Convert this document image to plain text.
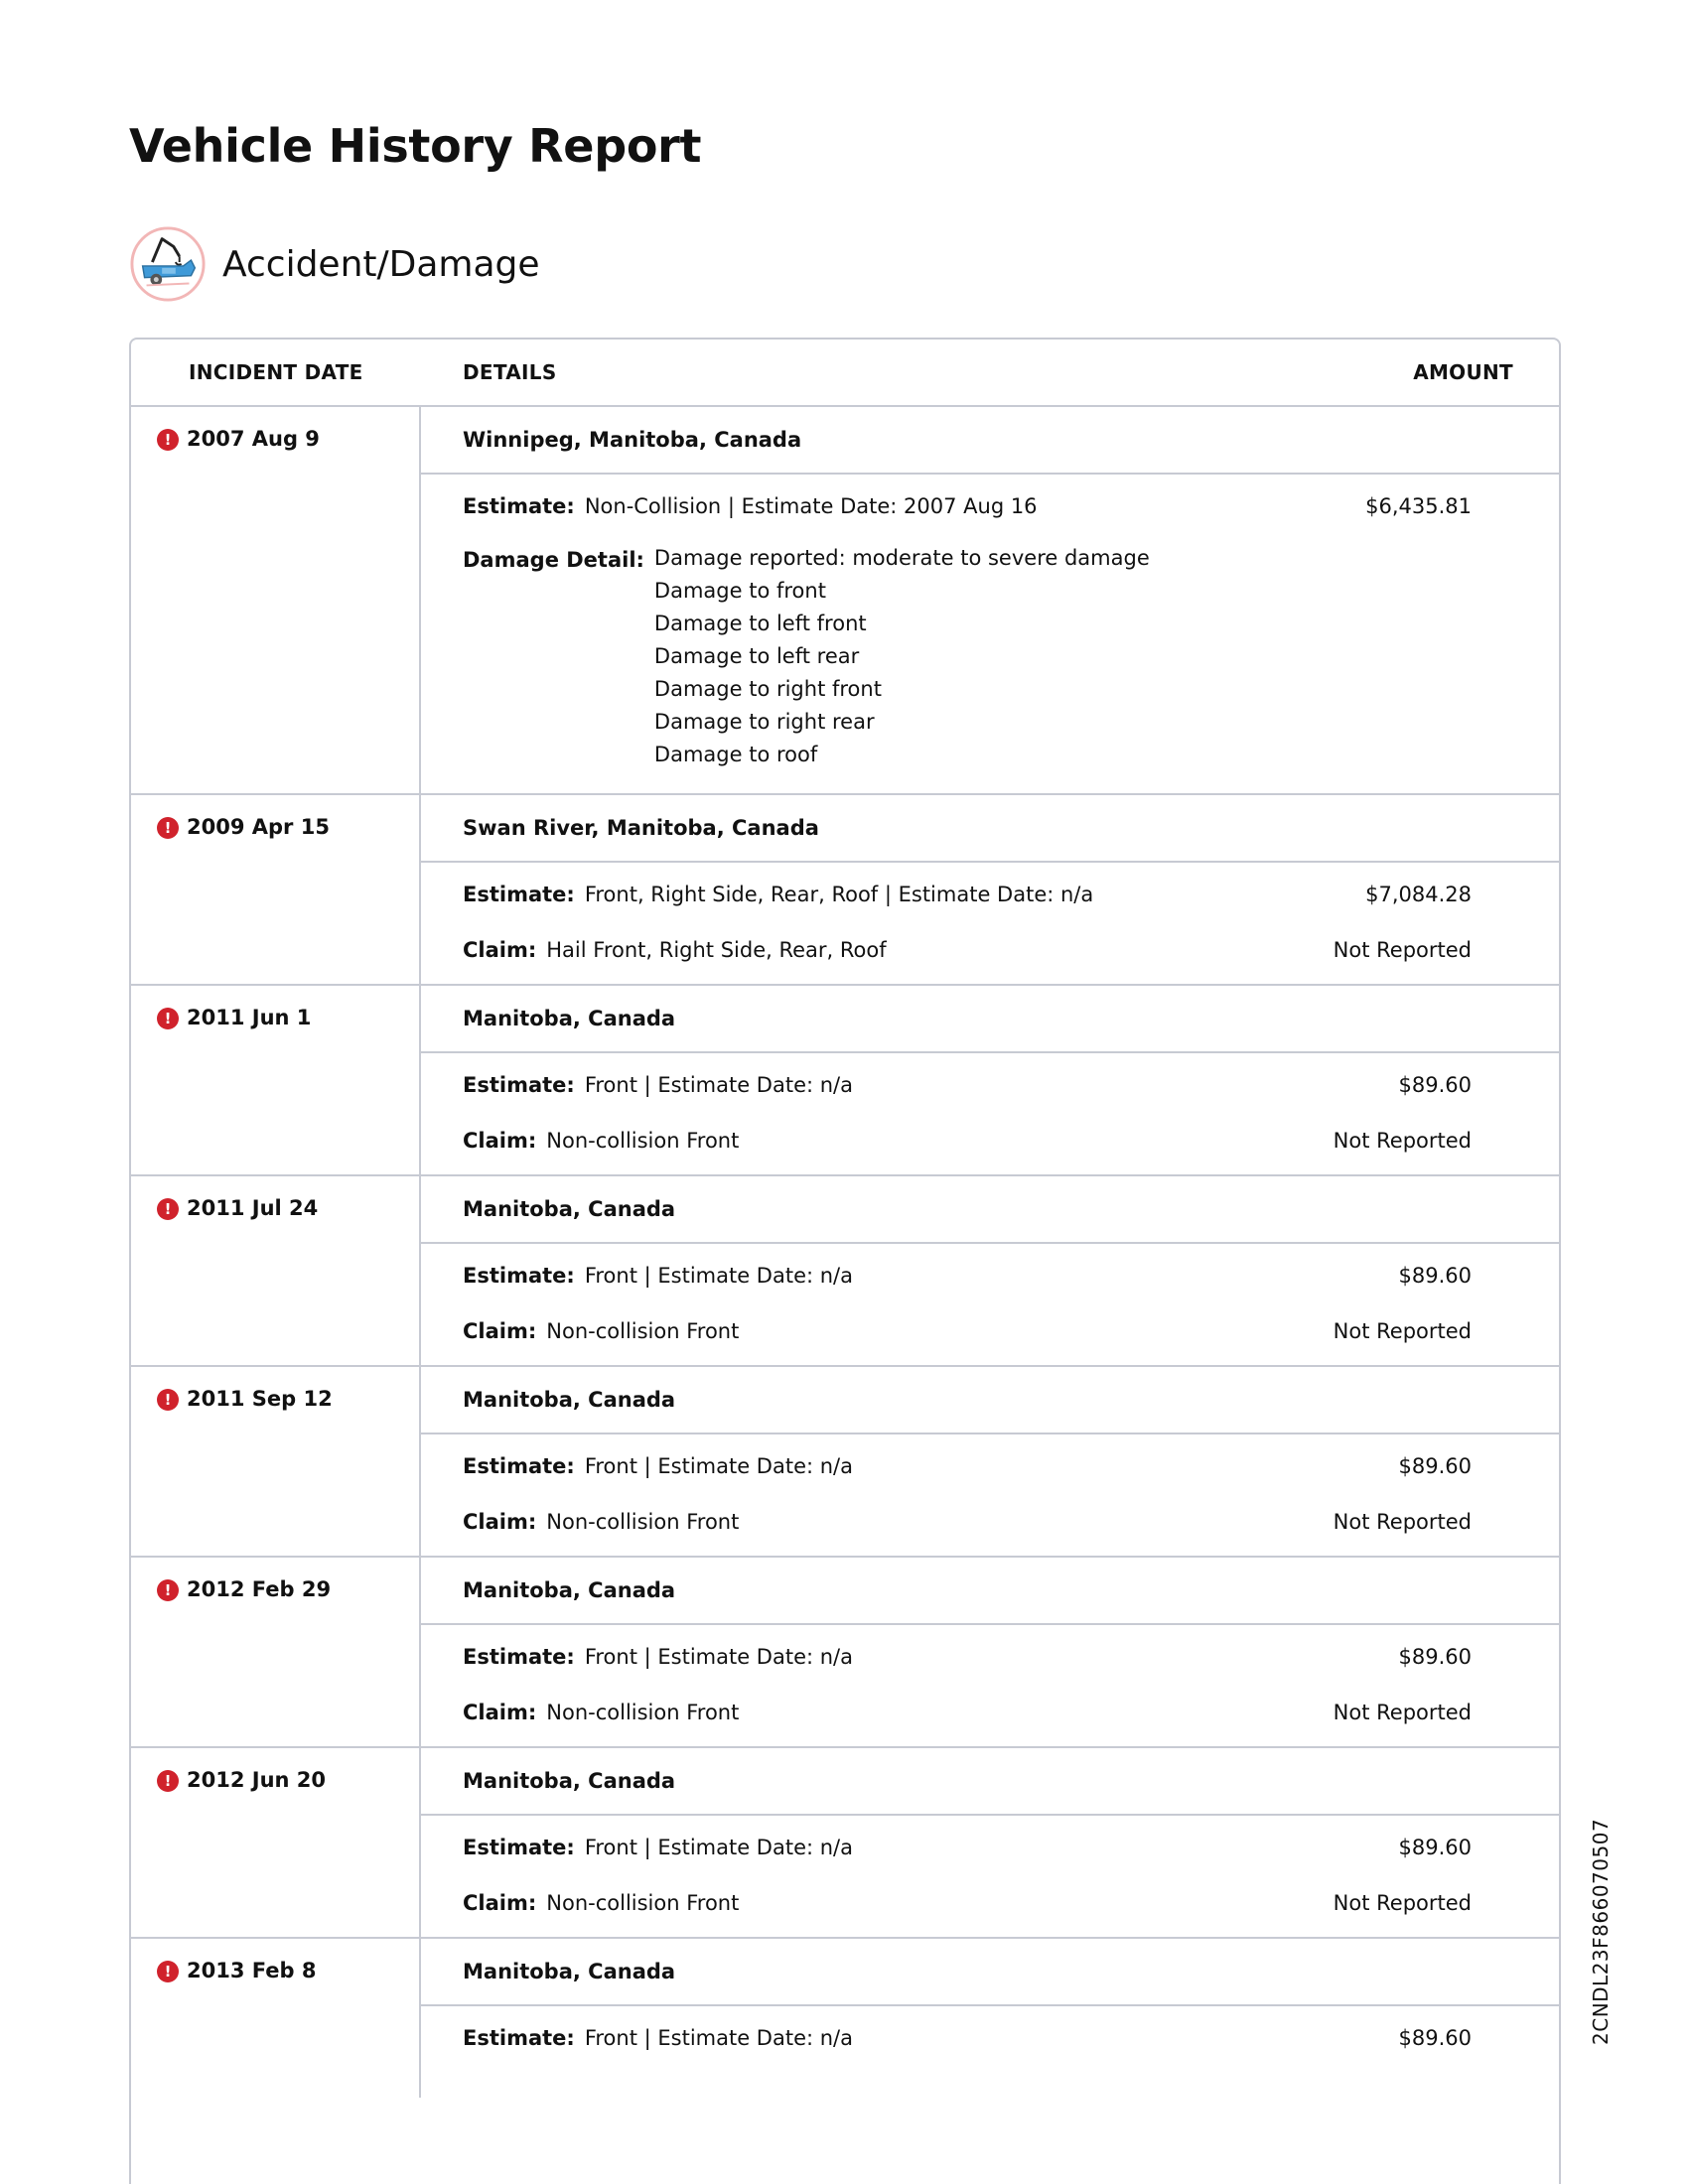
Vehicle History Report
Accident/Damage
INCIDENT DATE	DETAILS	AMOUNT
! 2007 Aug 9	Winnipeg, Manitoba, Canada
Estimate: Non-Collision | Estimate Date: 2007 Aug 16	$6,435.81
Damage Detail: Damage reported: moderate to severe damage
Damage to front
Damage to left front
Damage to left rear
Damage to right front
Damage to right rear
Damage to roof
! 2009 Apr 15	Swan River, Manitoba, Canada
Estimate: Front, Right Side, Rear, Roof | Estimate Date: n/a	$7,084.28
Claim: Hail Front, Right Side, Rear, Roof	Not Reported
! 2011 Jun 1	Manitoba, Canada
Estimate: Front | Estimate Date: n/a	$89.60
Claim: Non-collision Front	Not Reported
! 2011 Jul 24	Manitoba, Canada
Estimate: Front | Estimate Date: n/a	$89.60
Claim: Non-collision Front	Not Reported
! 2011 Sep 12	Manitoba, Canada
Estimate: Front | Estimate Date: n/a	$89.60
Claim: Non-collision Front	Not Reported
! 2012 Feb 29	Manitoba, Canada
Estimate: Front | Estimate Date: n/a	$89.60
Claim: Non-collision Front	Not Reported
! 2012 Jun 20	Manitoba, Canada
Estimate: Front | Estimate Date: n/a	$89.60
Claim: Non-collision Front	Not Reported
! 2013 Feb 8	Manitoba, Canada
Estimate: Front | Estimate Date: n/a	$89.60	2CNDL23F866070507
